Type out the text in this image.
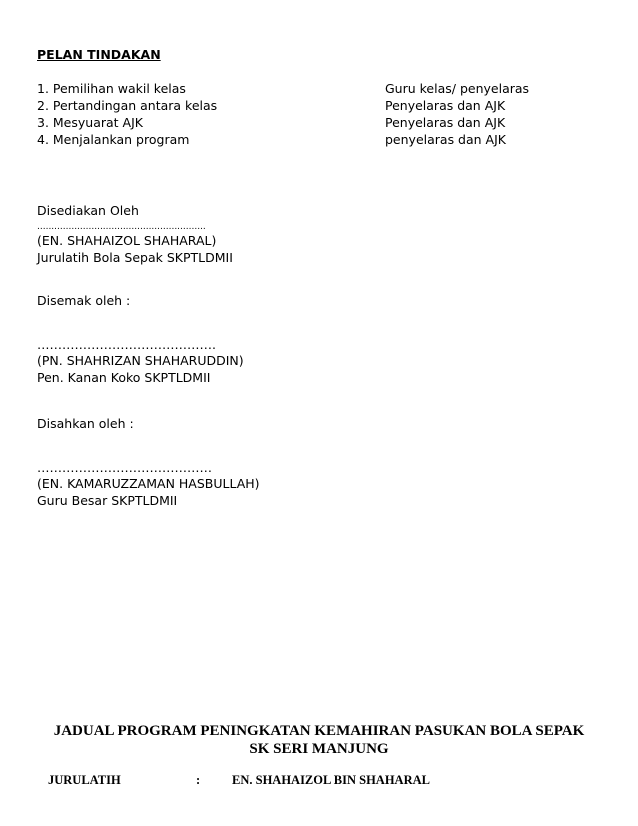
PELAN TINDAKAN
1. Pemilihan wakil kelas	Guru kelas/ penyelaras
2. Pertandingan antara kelas	Penyelaras dan AJK
3. Mesyuarat AJK	Penyelaras dan AJK
4. Menjalankan program	penyelaras dan AJK
Disediakan Oleh
...........................................................
(EN. SHAHAIZOL SHAHARAL)
Jurulatih Bola Sepak SKPTLDMII
Disemak oleh :
…………………………………….
(PN. SHAHRIZAN SHAHARUDDIN)
Pen. Kanan Koko SKPTLDMII
Disahkan oleh :
……………………………………
(EN. KAMARUZZAMAN HASBULLAH)
Guru Besar SKPTLDMII
JADUAL PROGRAM PENINGKATAN KEMAHIRAN PASUKAN BOLA SEPAK
SK SERI MANJUNG
JURULATIH	:	EN. SHAHAIZOL BIN SHAHARAL
